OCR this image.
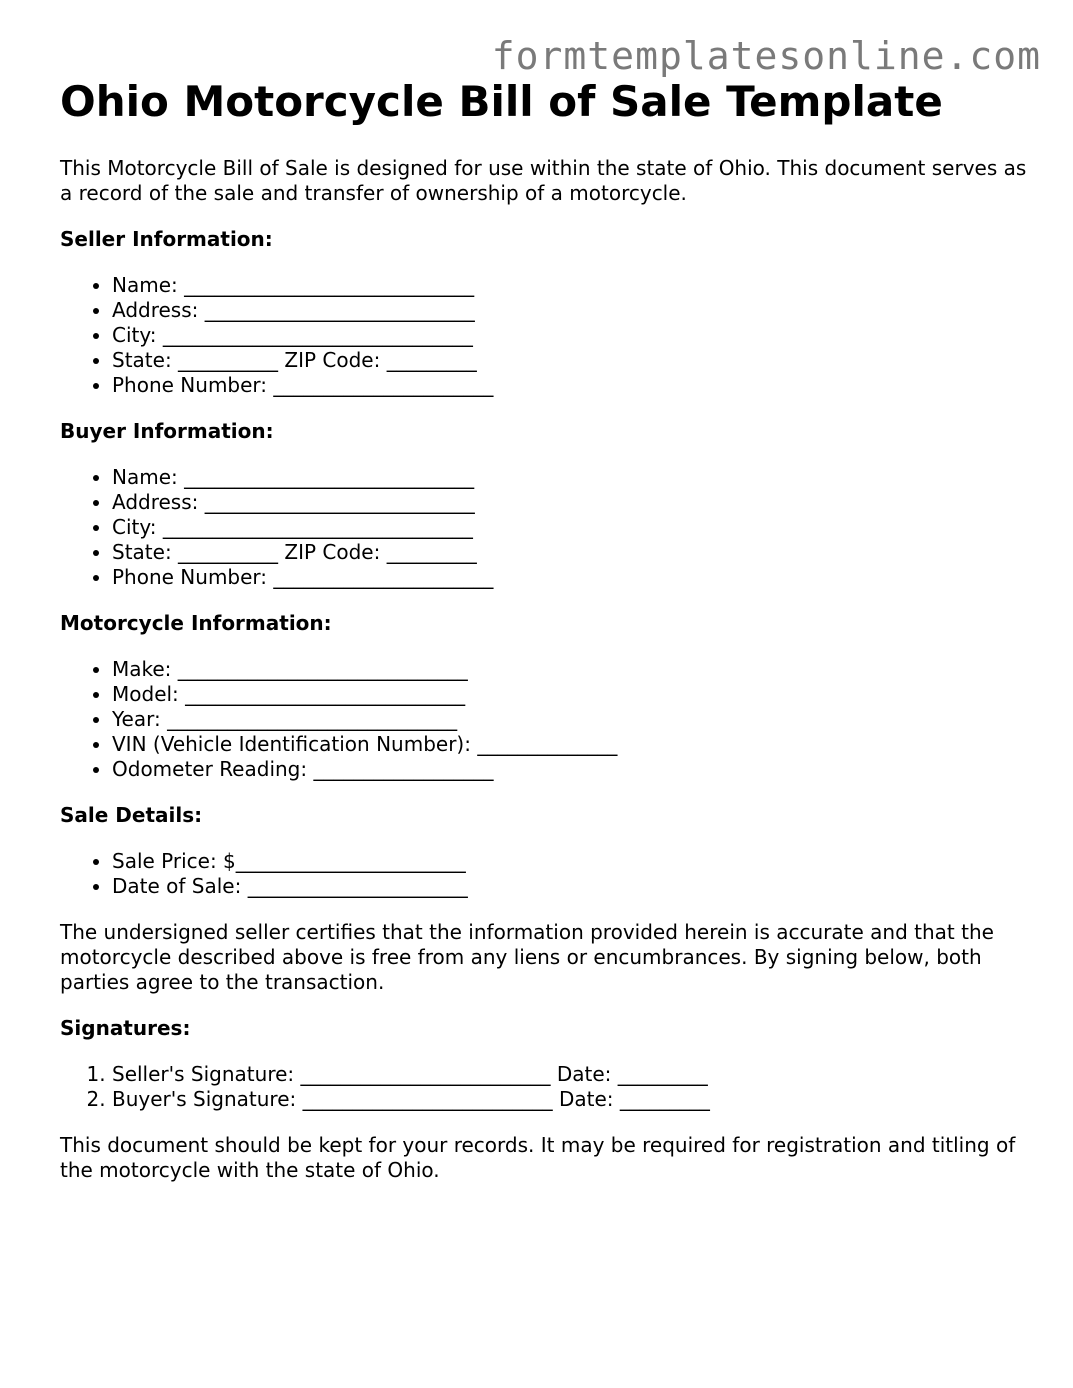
formtemplatesonline.com
Ohio Motorcycle Bill of Sale Template

This Motorcycle Bill of Sale is designed for use within the state of Ohio. This document serves as a record of the sale and transfer of ownership of a motorcycle.

Seller Information:
• Name: _____________________________
• Address: ___________________________
• City: _______________________________
• State: __________ ZIP Code: _________
• Phone Number: ______________________
Buyer Information:
• Name: _____________________________
• Address: ___________________________
• City: _______________________________
• State: __________ ZIP Code: _________
• Phone Number: ______________________
Motorcycle Information:
• Make: _____________________________
• Model: ____________________________
• Year: _____________________________
• VIN (Vehicle Identification Number): ______________
• Odometer Reading: __________________
Sale Details:
• Sale Price: $_______________________
• Date of Sale: ______________________

The undersigned seller certifies that the information provided herein is accurate and that the motorcycle described above is free from any liens or encumbrances. By signing below, both parties agree to the transaction.

Signatures:
1. Seller's Signature: _________________________ Date: _________
2. Buyer's Signature: _________________________ Date: _________

This document should be kept for your records. It may be required for registration and titling of the motorcycle with the state of Ohio.
